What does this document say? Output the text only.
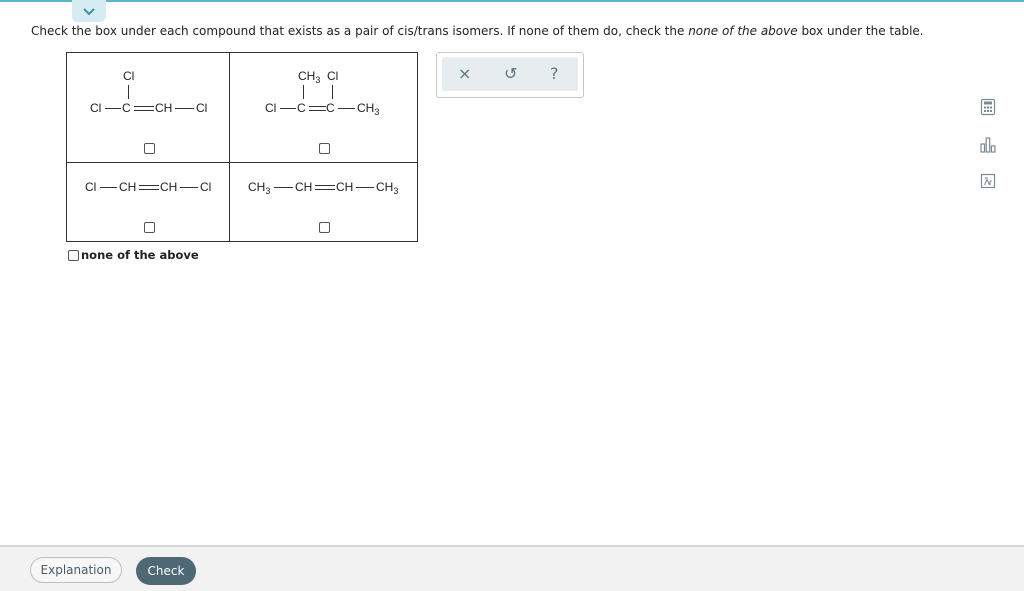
Check the box under each compound that exists as a pair of cis/trans isomers. If none of them do, check the none of the above box under the table.
Cl
Cl C CH Cl
$CH_3$ Cl
Cl C C $CH_3$
Cl CH CH Cl	$CH_3$ CH CH $CH_3$
none of the above
× ↺ ?
Explanation	Check
